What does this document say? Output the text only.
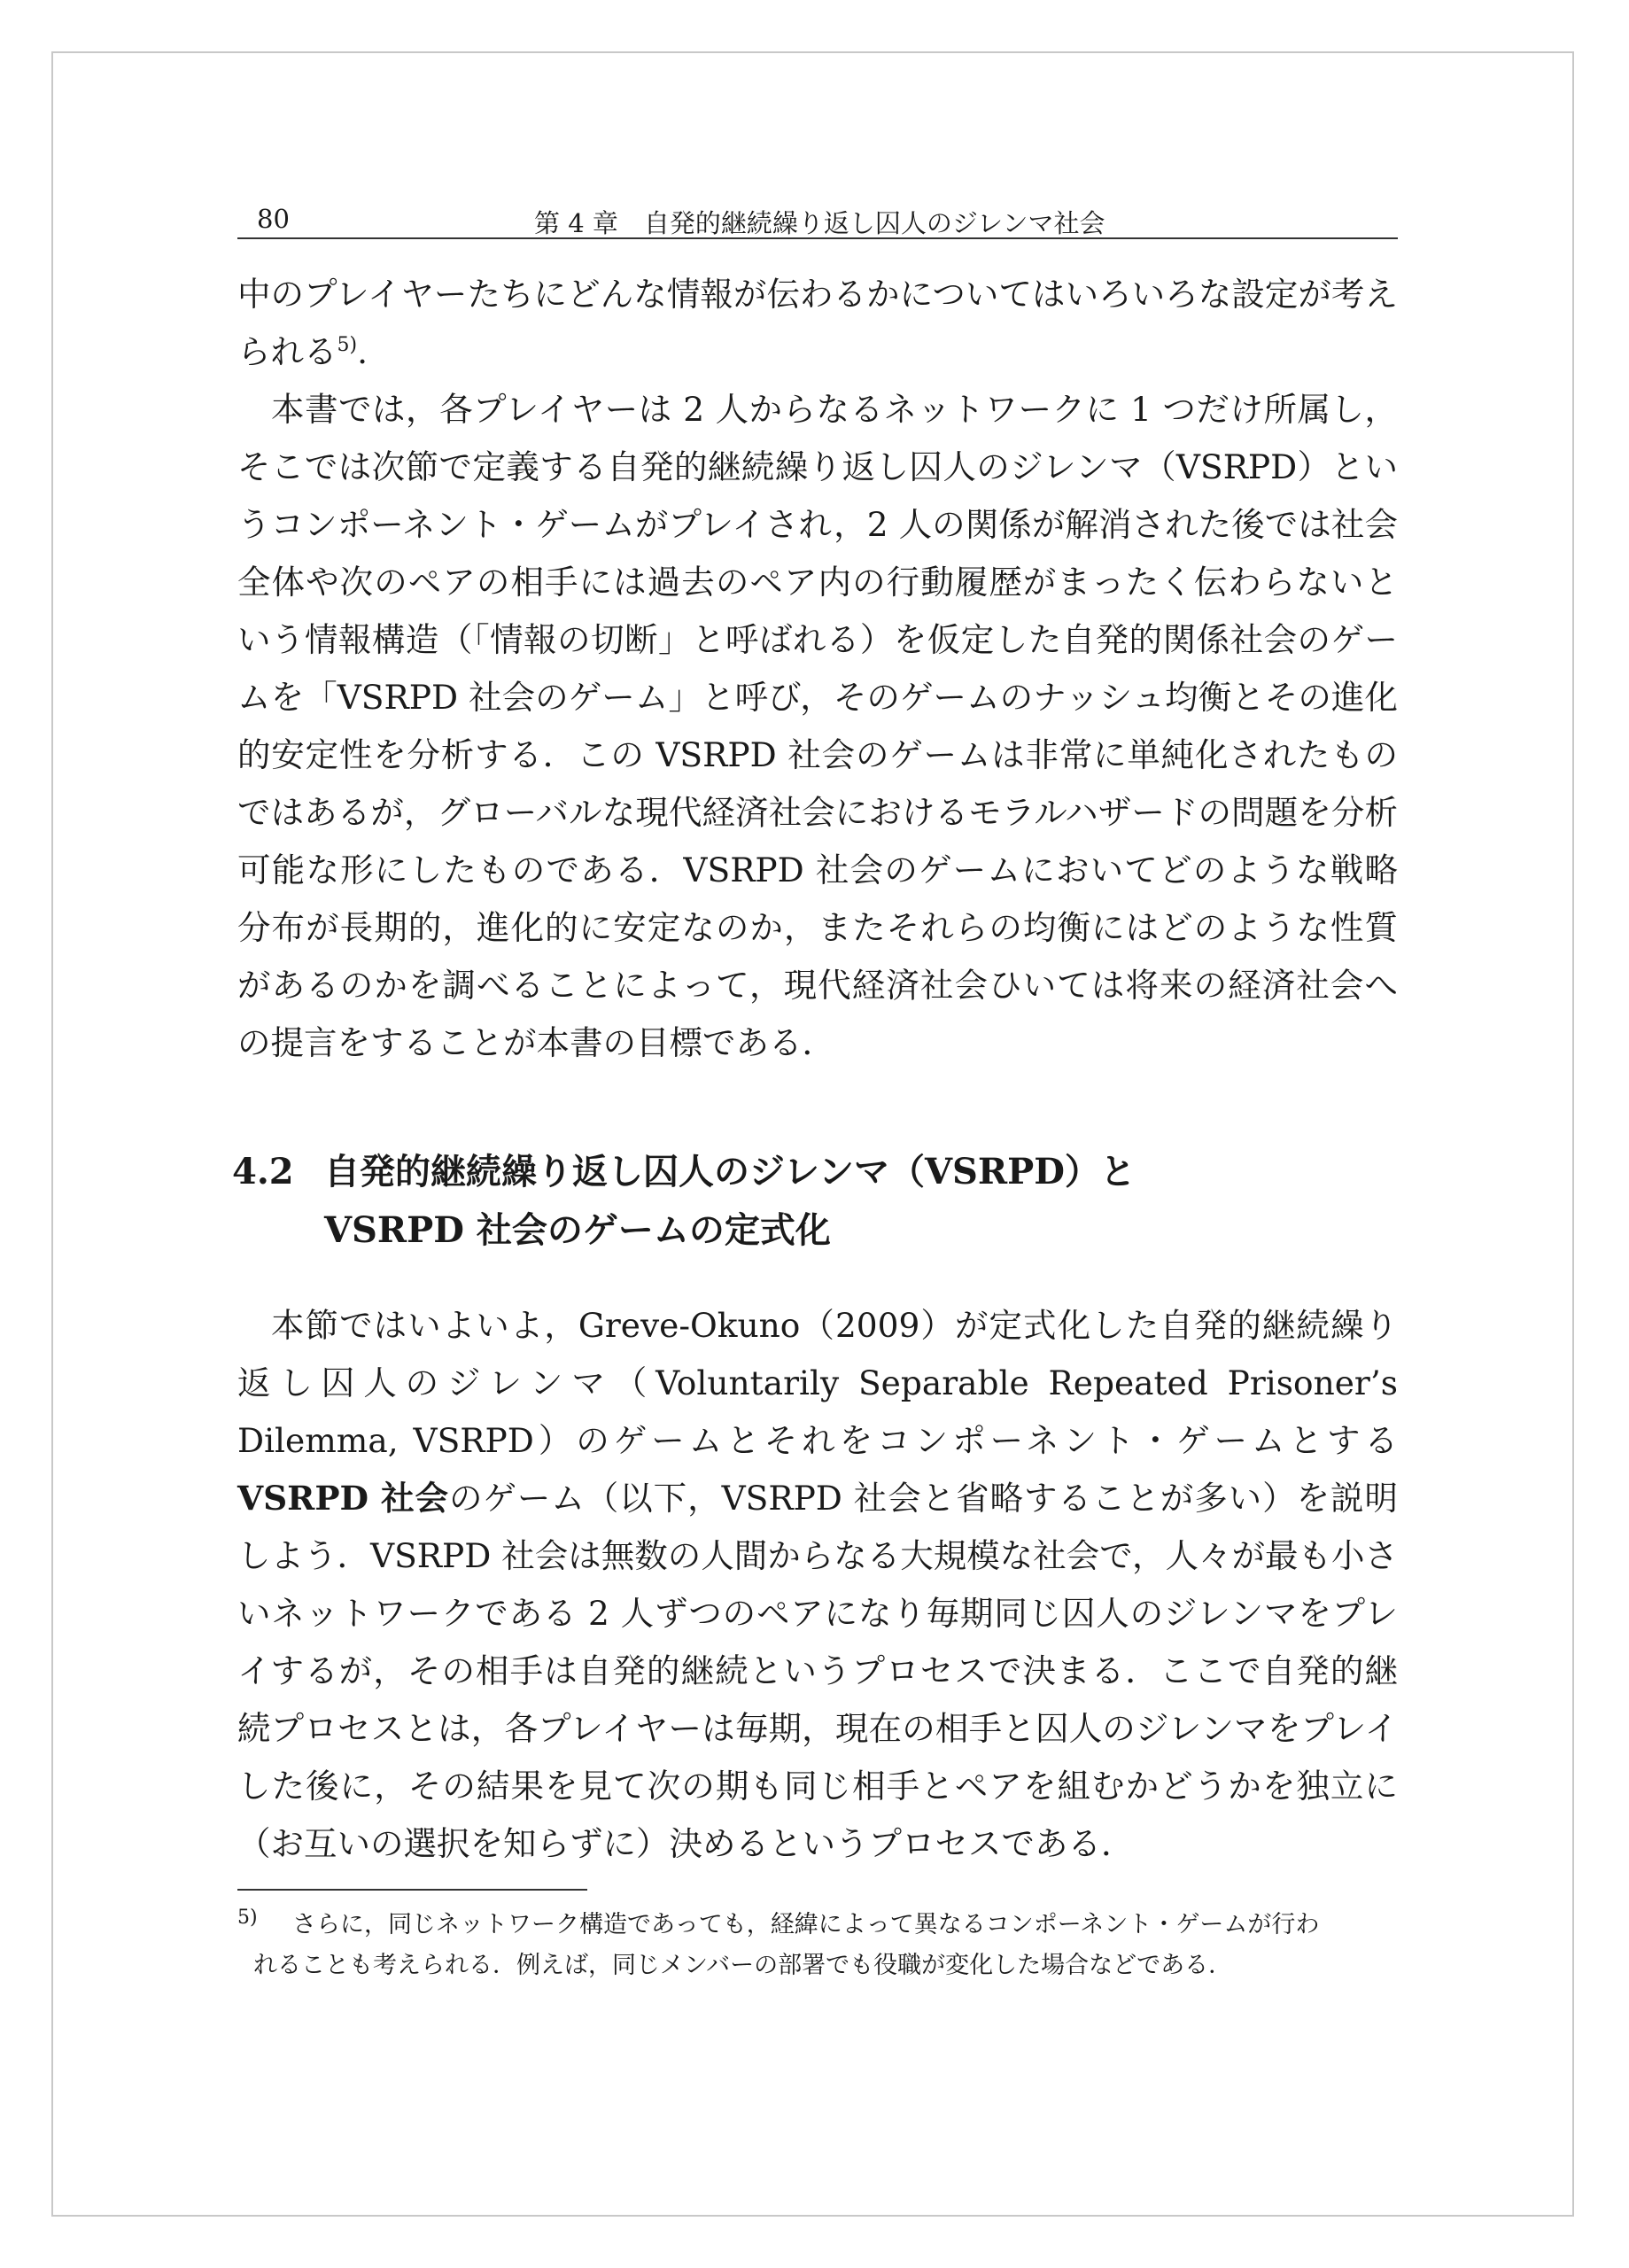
80	第 4 章　自発的継続繰り返し囚人のジレンマ社会

中のプレイヤーたちにどんな情報が伝わるかについてはいろいろな設定が考えられる$^{5)}$.

本書では，各プレイヤーは 2 人からなるネットワークに 1 つだけ所属し，そこでは次節で定義する自発的継続繰り返し囚人のジレンマ（VSRPD）というコンポーネント・ゲームがプレイされ，2 人の関係が解消された後では社会全体や次のペアの相手には過去のペア内の行動履歴がまったく伝わらないという情報構造（「情報の切断」と呼ばれる）を仮定した自発的関係社会のゲームを「VSRPD 社会のゲーム」と呼び，そのゲームのナッシュ均衡とその進化的安定性を分析する．この VSRPD 社会のゲームは非常に単純化されたものではあるが，グローバルな現代経済社会におけるモラルハザードの問題を分析可能な形にしたものである．VSRPD 社会のゲームにおいてどのような戦略分布が長期的，進化的に安定なのか，またそれらの均衡にはどのような性質があるのかを調べることによって，現代経済社会ひいては将来の経済社会への提言をすることが本書の目標である．

4.2 自発的継続繰り返し囚人のジレンマ（VSRPD）と
VSRPD 社会のゲームの定式化

本節ではいよいよ，Greve-Okuno（2009）が定式化した自発的継続繰り返し囚人のジレンマ（Voluntarily Separable Repeated Prisoner’s Dilemma, VSRPD）のゲームとそれをコンポーネント・ゲームとする VSRPD 社会のゲーム（以下，VSRPD 社会と省略することが多い）を説明しよう．VSRPD 社会は無数の人間からなる大規模な社会で，人々が最も小さいネットワークである 2 人ずつのペアになり毎期同じ囚人のジレンマをプレイするが，その相手は自発的継続というプロセスで決まる．ここで自発的継続プロセスとは，各プレイヤーは毎期，現在の相手と囚人のジレンマをプレイした後に，その結果を見て次の期も同じ相手とペアを組むかどうかを独立に（お互いの選択を知らずに）決めるというプロセスである．

5) さらに，同じネットワーク構造であっても，経緯によって異なるコンポーネント・ゲームが行わ
れることも考えられる．例えば，同じメンバーの部署でも役職が変化した場合などである．
